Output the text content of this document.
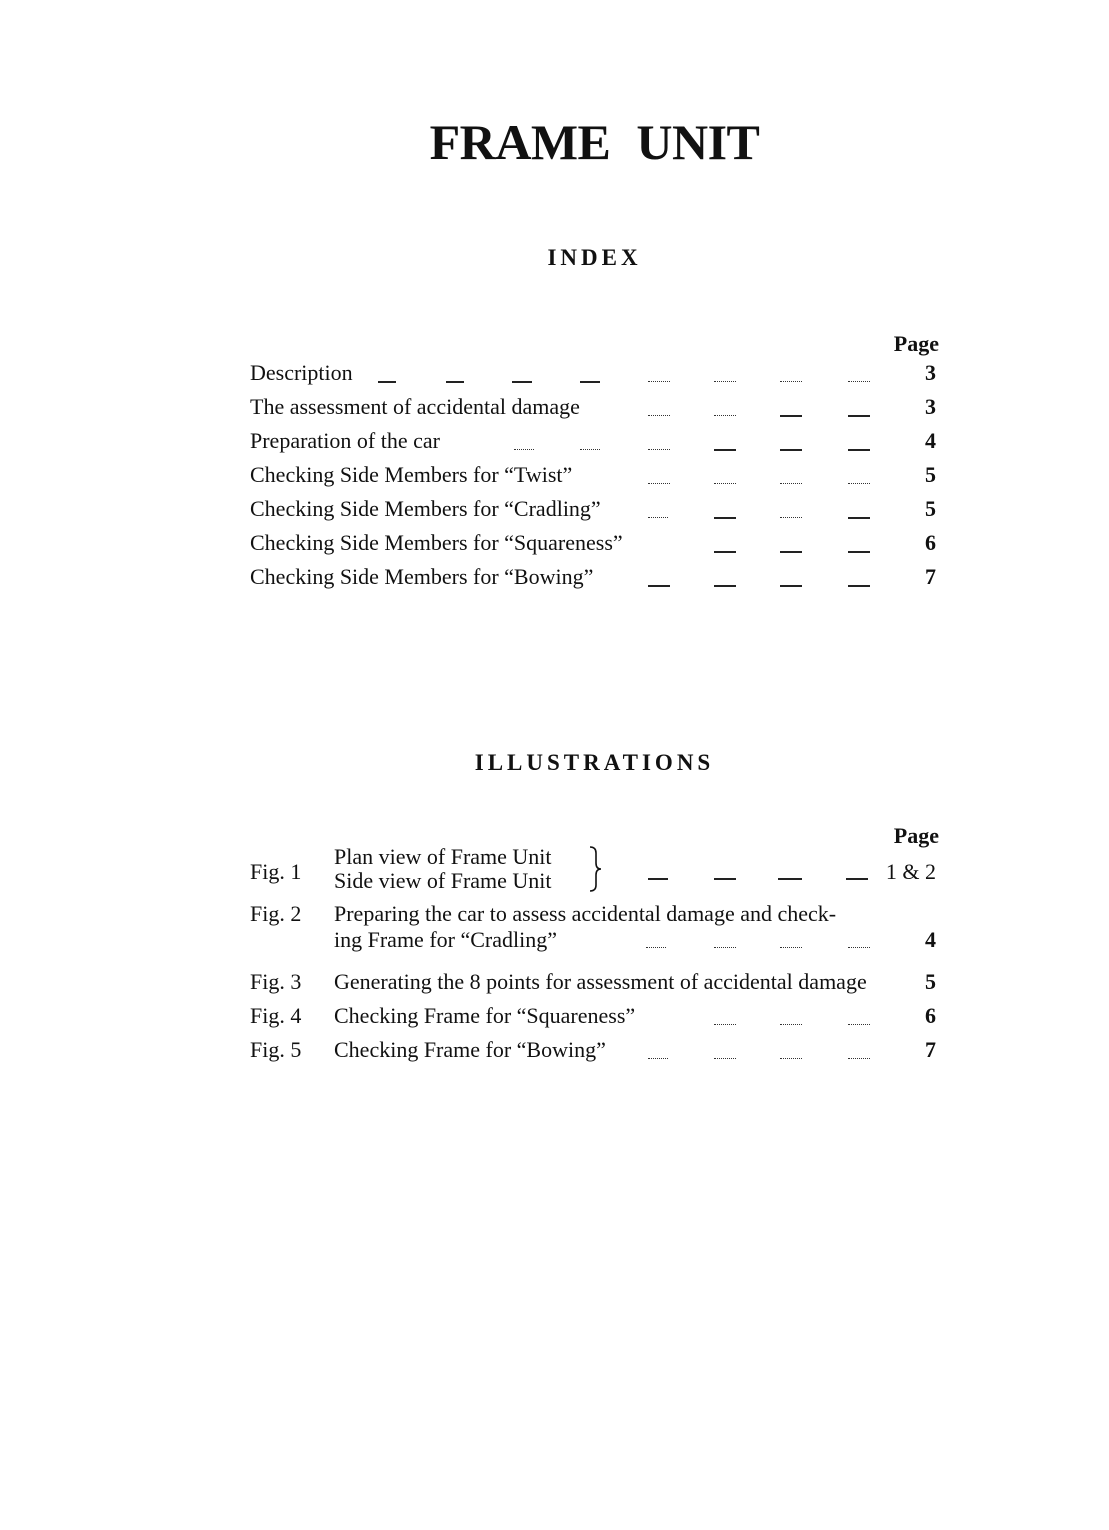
FRAME UNIT
INDEX
Page
Description	3
The assessment of accidental damage	3
Preparation of the car	4
Checking Side Members for “Twist”	5
Checking Side Members for “Cradling”	5
Checking Side Members for “Squareness”	6
Checking Side Members for “Bowing”	7
ILLUSTRATIONS
Page
Fig. 1
Plan view of Frame Unit
Side view of Frame Unit	1 & 2
Fig. 2 Preparing the car to assess accidental damage and check-
ing Frame for “Cradling”	4
Fig. 3 Generating the 8 points for assessment of accidental damage	5
Fig. 4 Checking Frame for “Squareness”	6
Fig. 5 Checking Frame for “Bowing”	7
